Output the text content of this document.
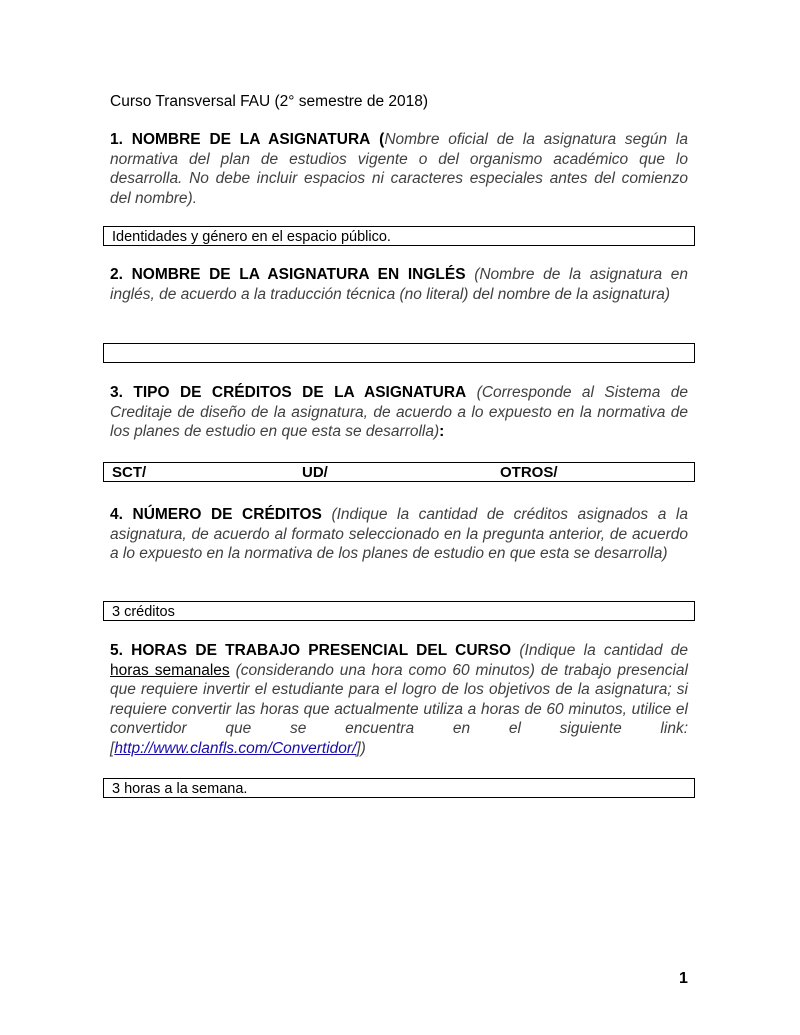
Curso Transversal FAU (2° semestre de 2018)
1. NOMBRE DE LA ASIGNATURA (Nombre oficial de la asignatura según la normativa del plan de estudios vigente o del organismo académico que lo desarrolla. No debe incluir espacios ni caracteres especiales antes del comienzo del nombre).
Identidades y género en el espacio público.
2. NOMBRE DE LA ASIGNATURA EN INGLÉS (Nombre de la asignatura en inglés, de acuerdo a la traducción técnica (no literal) del nombre de la asignatura)
3. TIPO DE CRÉDITOS DE LA ASIGNATURA (Corresponde al Sistema de Creditaje de diseño de la asignatura, de acuerdo a lo expuesto en la normativa de los planes de estudio en que esta se desarrolla):
SCT/	UD/	OTROS/
4. NÚMERO DE CRÉDITOS (Indique la cantidad de créditos asignados a la asignatura, de acuerdo al formato seleccionado en la pregunta anterior, de acuerdo a lo expuesto en la normativa de los planes de estudio en que esta se desarrolla)
3 créditos
5. HORAS DE TRABAJO PRESENCIAL DEL CURSO (Indique la cantidad de horas semanales (considerando una hora como 60 minutos) de trabajo presencial que requiere invertir el estudiante para el logro de los objetivos de la asignatura; si requiere convertir las horas que actualmente utiliza a horas de 60 minutos, utilice el convertidor que se encuentra en el siguiente link: [http://www.clanfls.com/Convertidor/])
3 horas a la semana.
1
